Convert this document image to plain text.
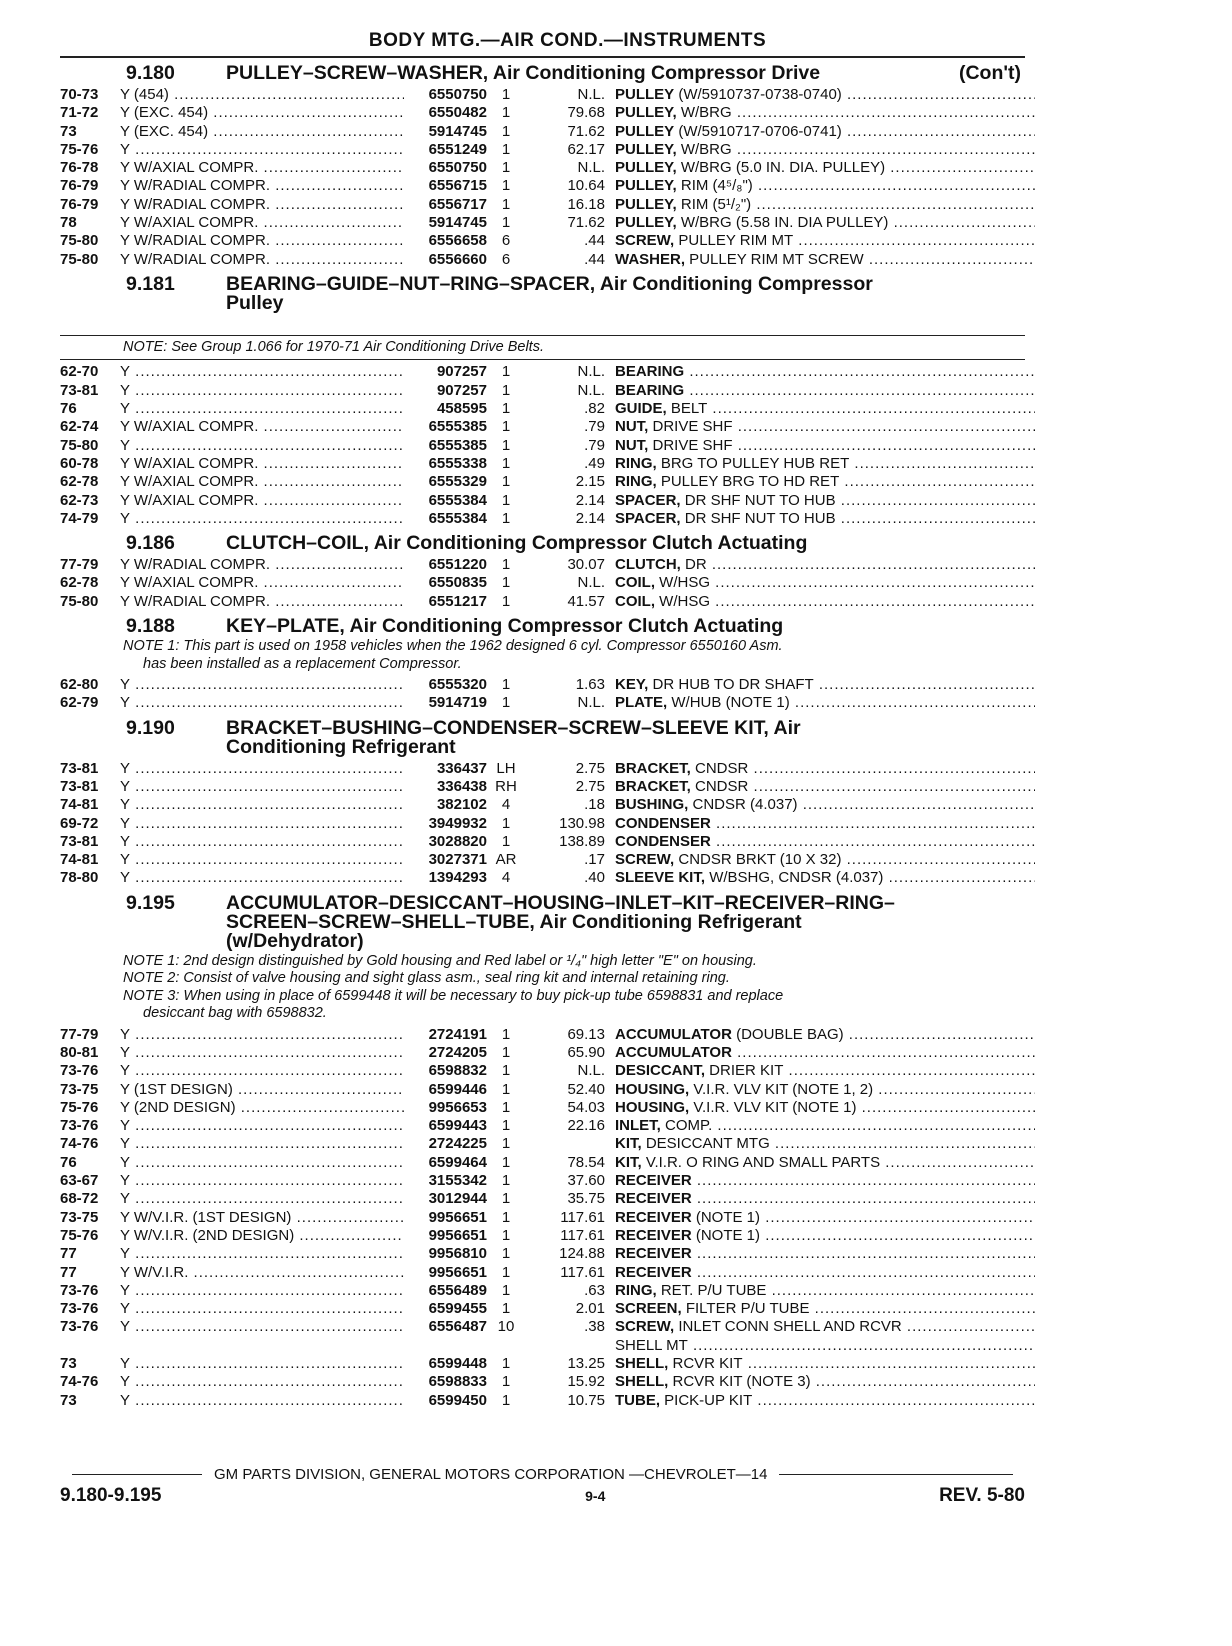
BODY MTG.—AIR COND.—INSTRUMENTS
9.180	PULLEY–SCREW–WASHER, Air Conditioning Compressor Drive	(Con't)
70-73	Y (454) .....	6550750 1	N.L. PULLEY (W/5910737-0738-0740) .....
71-72	Y (EXC. 454) .....	6550482 1	79.68 PULLEY, W/BRG .....
73	Y (EXC. 454) .....	5914745 1	71.62 PULLEY (W/5910717-0706-0741) .....
75-76	Y .....	6551249 1	62.17 PULLEY, W/BRG .....
76-78	Y W/AXIAL COMPR. .....	6550750 1	N.L. PULLEY, W/BRG (5.0 IN. DIA. PULLEY) .....
76-79	Y W/RADIAL COMPR. .....	6556715 1	10.64 PULLEY, RIM (4⁵/₈") .....
76-79	Y W/RADIAL COMPR. .....	6556717 1	16.18 PULLEY, RIM (5¹/₂") .....
78	Y W/AXIAL COMPR. .....	5914745 1	71.62 PULLEY, W/BRG (5.58 IN. DIA PULLEY) .....
75-80	Y W/RADIAL COMPR. .....	6556658 6	.44 SCREW, PULLEY RIM MT .....
75-80	Y W/RADIAL COMPR. .....	6556660 6	.44 WASHER, PULLEY RIM MT SCREW .....
9.181	BEARING–GUIDE–NUT–RING–SPACER, Air Conditioning Compressor
Pulley
NOTE: See Group 1.066 for 1970-71 Air Conditioning Drive Belts.
62-70	Y .....	907257 1	N.L. BEARING .....
73-81	Y .....	907257 1	N.L. BEARING .....
76	Y .....	458595 1	.82 GUIDE, BELT .....
62-74	Y W/AXIAL COMPR. .....	6555385 1	.79 NUT, DRIVE SHF .....
75-80	Y .....	6555385 1	.79 NUT, DRIVE SHF .....
60-78	Y W/AXIAL COMPR. .....	6555338 1	.49 RING, BRG TO PULLEY HUB RET .....
62-78	Y W/AXIAL COMPR. .....	6555329 1	2.15 RING, PULLEY BRG TO HD RET .....
62-73	Y W/AXIAL COMPR. .....	6555384 1	2.14 SPACER, DR SHF NUT TO HUB .....
74-79	Y .....	6555384 1	2.14 SPACER, DR SHF NUT TO HUB .....
9.186	CLUTCH–COIL, Air Conditioning Compressor Clutch Actuating
77-79	Y W/RADIAL COMPR. .....	6551220 1	30.07 CLUTCH, DR .....
62-78	Y W/AXIAL COMPR. .....	6550835 1	N.L. COIL, W/HSG .....
75-80	Y W/RADIAL COMPR. .....	6551217 1	41.57 COIL, W/HSG .....
9.188	KEY–PLATE, Air Conditioning Compressor Clutch Actuating
NOTE 1: This part is used on 1958 vehicles when the 1962 designed 6 cyl. Compressor 6550160 Asm.
has been installed as a replacement Compressor.
62-80	Y .....	6555320 1	1.63 KEY, DR HUB TO DR SHAFT .....
62-79	Y .....	5914719 1	N.L. PLATE, W/HUB (NOTE 1) .....
9.190	BRACKET–BUSHING–CONDENSER–SCREW–SLEEVE KIT, Air
Conditioning Refrigerant
73-81	Y .....	336437 LH	2.75 BRACKET, CNDSR .....
73-81	Y .....	336438 RH	2.75 BRACKET, CNDSR .....
74-81	Y .....	382102 4	.18 BUSHING, CNDSR (4.037) .....
69-72	Y .....	3949932 1	130.98 CONDENSER .....
73-81	Y .....	3028820 1	138.89 CONDENSER .....
74-81	Y .....	3027371 AR	.17 SCREW, CNDSR BRKT (10 X 32) .....
78-80	Y .....	1394293 4	.40 SLEEVE KIT, W/BSHG, CNDSR (4.037) .....
9.195	ACCUMULATOR–DESICCANT–HOUSING–INLET–KIT–RECEIVER–RING–
SCREEN–SCREW–SHELL–TUBE, Air Conditioning Refrigerant
(w/Dehydrator)
NOTE 1: 2nd design distinguished by Gold housing and Red label or ¹/₄" high letter "E" on housing.
NOTE 2: Consist of valve housing and sight glass asm., seal ring kit and internal retaining ring.
NOTE 3: When using in place of 6599448 it will be necessary to buy pick-up tube 6598831 and replace
desiccant bag with 6598832.
77-79	Y .....	2724191 1	69.13 ACCUMULATOR (DOUBLE BAG) .....
80-81	Y .....	2724205 1	65.90 ACCUMULATOR .....
73-76	Y .....	6598832 1	N.L. DESICCANT, DRIER KIT .....
73-75	Y (1ST DESIGN) .....	6599446 1	52.40 HOUSING, V.I.R. VLV KIT (NOTE 1, 2) .....
75-76	Y (2ND DESIGN) .....	9956653 1	54.03 HOUSING, V.I.R. VLV KIT (NOTE 1) .....
73-76	Y .....	6599443 1	22.16 INLET, COMP. .....
74-76	Y .....	2724225 1	KIT, DESICCANT MTG .....
76	Y .....	6599464 1	78.54 KIT, V.I.R. O RING AND SMALL PARTS .....
63-67	Y .....	3155342 1	37.60 RECEIVER .....
68-72	Y .....	3012944 1	35.75 RECEIVER .....
73-75	Y W/V.I.R. (1ST DESIGN) .....	9956651 1	117.61 RECEIVER (NOTE 1) .....
75-76	Y W/V.I.R. (2ND DESIGN) .....	9956651 1	117.61 RECEIVER (NOTE 1) .....
77	Y .....	9956810 1	124.88 RECEIVER .....
77	Y W/V.I.R. .....	9956651 1	117.61 RECEIVER .....
73-76	Y .....	6556489 1	.63 RING, RET. P/U TUBE .....
73-76	Y .....	6599455 1	2.01 SCREEN, FILTER P/U TUBE .....
73-76	Y .....	6556487 10	.38 SCREW, INLET CONN SHELL AND RCVR .....
SHELL MT .....
73	Y .....	6599448 1	13.25 SHELL, RCVR KIT .....
74-76	Y .....	6598833 1	15.92 SHELL, RCVR KIT (NOTE 3) .....
73	Y .....	6599450 1	10.75 TUBE, PICK-UP KIT .....
GM PARTS DIVISION, GENERAL MOTORS CORPORATION —CHEVROLET—14
9.180-9.195	9-4	REV. 5-80
